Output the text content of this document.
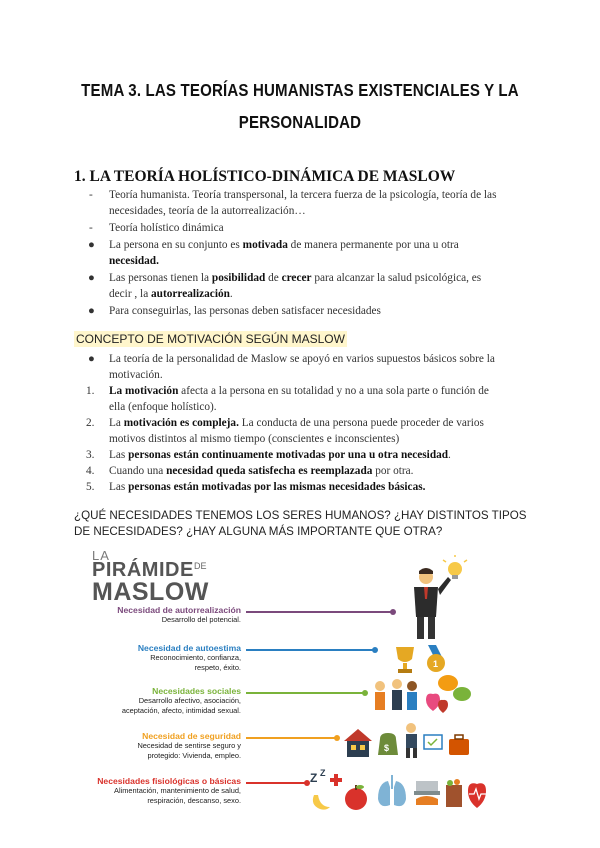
TEMA 3. LAS TEORÍAS HUMANISTAS EXISTENCIALES Y LA
PERSONALIDAD
1. LA TEORÍA HOLÍSTICO-DINÁMICA DE MASLOW
- Teoría humanista. Teoría transpersonal, la tercera fuerza de la psicología, teoría de las
necesidades, teoría de la autorrealización…
- Teoría holístico dinámica
● La persona en su conjunto es motivada de manera permanente por una u otra
necesidad.
● Las personas tienen la posibilidad de crecer para alcanzar la salud psicológica, es
decir , la autorrealización.
● Para conseguirlas, las personas deben satisfacer necesidades
CONCEPTO DE MOTIVACIÓN SEGÚN MASLOW
● La teoría de la personalidad de Maslow se apoyó en varios supuestos básicos sobre la
motivación.
1. La motivación afecta a la persona en su totalidad y no a una sola parte o función de
ella (enfoque holístico).
2. La motivación es compleja. La conducta de una persona puede proceder de varios
motivos distintos al mismo tiempo (conscientes e inconscientes)
3. Las personas están continuamente motivadas por una u otra necesidad.
4. Cuando una necesidad queda satisfecha es reemplazada por otra.
5. Las personas están motivadas por las mismas necesidades básicas.
¿QUÉ NECESIDADES TENEMOS LOS SERES HUMANOS? ¿HAY DISTINTOS TIPOS
DE NECESIDADES? ¿HAY ALGUNA MÁS IMPORTANTE QUE OTRA?
LA
PIRÁMIDE DE
MASLOW
Necesidad de autorrealización
Desarrollo del potencial.
Necesidad de autoestima
Reconocimiento, confianza,
respeto, éxito.
Necesidades sociales
Desarrollo afectivo, asociación,
aceptación, afecto, intimidad sexual.
Necesidad de seguridad
Necesidad de sentirse seguro y
protegido: Vivienda, empleo.
Necesidades fisiológicas o básicas
Alimentación, mantenimiento de salud,
respiración, descanso, sexo.
1
$
Z Z
